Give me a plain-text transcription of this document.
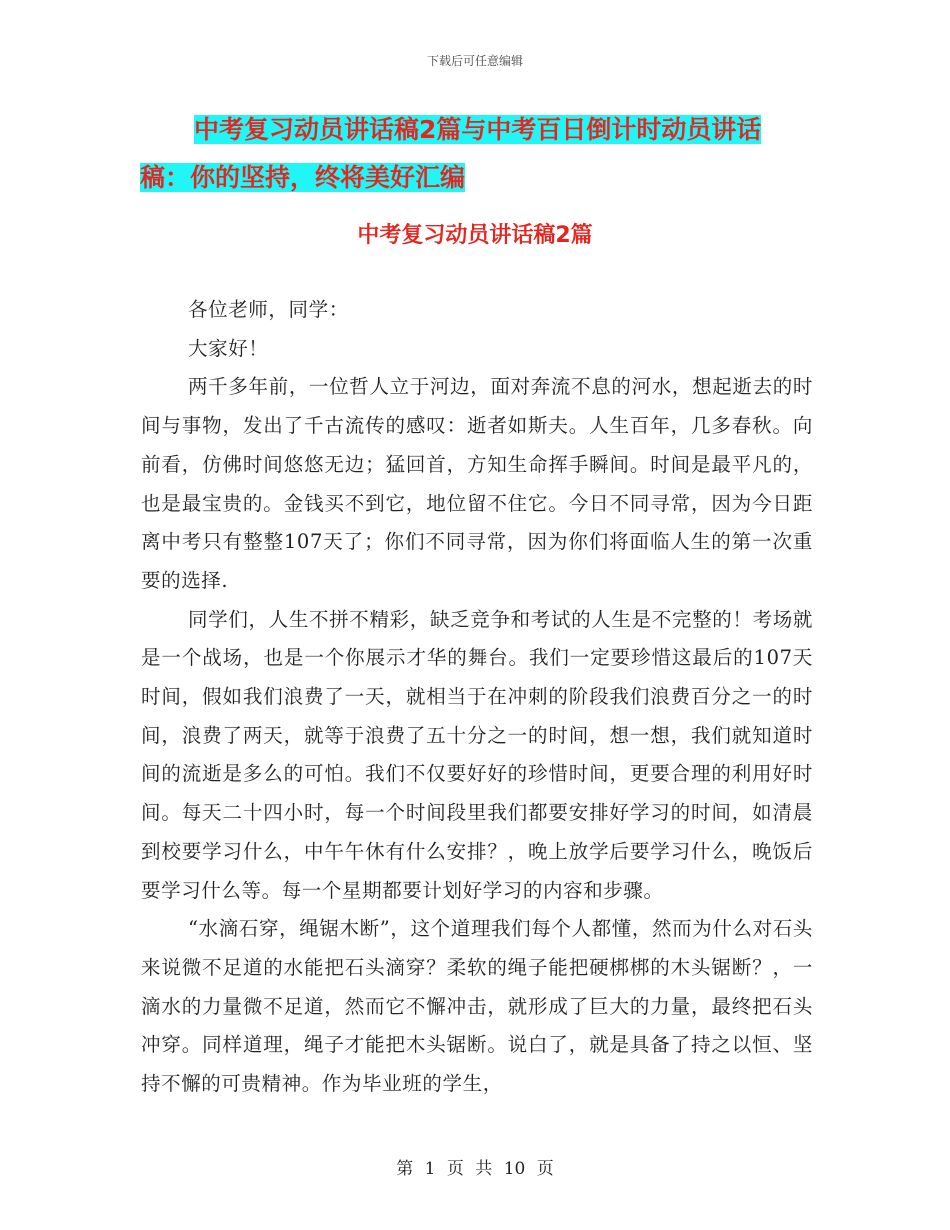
下载后可任意编辑
中考复习动员讲话稿2篇与中考百日倒计时动员讲话稿：你的坚持，终将美好汇编
中考复习动员讲话稿2篇

各位老师，同学：

大家好！

两千多年前，一位哲人立于河边，面对奔流不息的河水，想起逝去的时间与事物，发出了千古流传的感叹：逝者如斯夫。人生百年，几多春秋。向前看，仿佛时间悠悠无边；猛回首，方知生命挥手瞬间。时间是最平凡的，也是最宝贵的。金钱买不到它，地位留不住它。今日不同寻常，因为今日距离中考只有整整107天了；你们不同寻常，因为你们将面临人生的第一次重要的选择.

同学们，人生不拼不精彩，缺乏竞争和考试的人生是不完整的！考场就是一个战场，也是一个你展示才华的舞台。我们一定要珍惜这最后的107天时间，假如我们浪费了一天，就相当于在冲刺的阶段我们浪费百分之一的时间，浪费了两天，就等于浪费了五十分之一的时间，想一想，我们就知道时间的流逝是多么的可怕。我们不仅要好好的珍惜时间，更要合理的利用好时间。每天二十四小时，每一个时间段里我们都要安排好学习的时间，如清晨到校要学习什么，中午午休有什么安排？，晚上放学后要学习什么，晚饭后要学习什么等。每一个星期都要计划好学习的内容和步骤。

“水滴石穿，绳锯木断”，这个道理我们每个人都懂，然而为什么对石头来说微不足道的水能把石头滴穿？柔软的绳子能把硬梆梆的木头锯断？，一滴水的力量微不足道，然而它不懈冲击，就形成了巨大的力量，最终把石头冲穿。同样道理，绳子才能把木头锯断。说白了，就是具备了持之以恒、坚持不懈的可贵精神。作为毕业班的学生，

第 1 页 共 10 页
